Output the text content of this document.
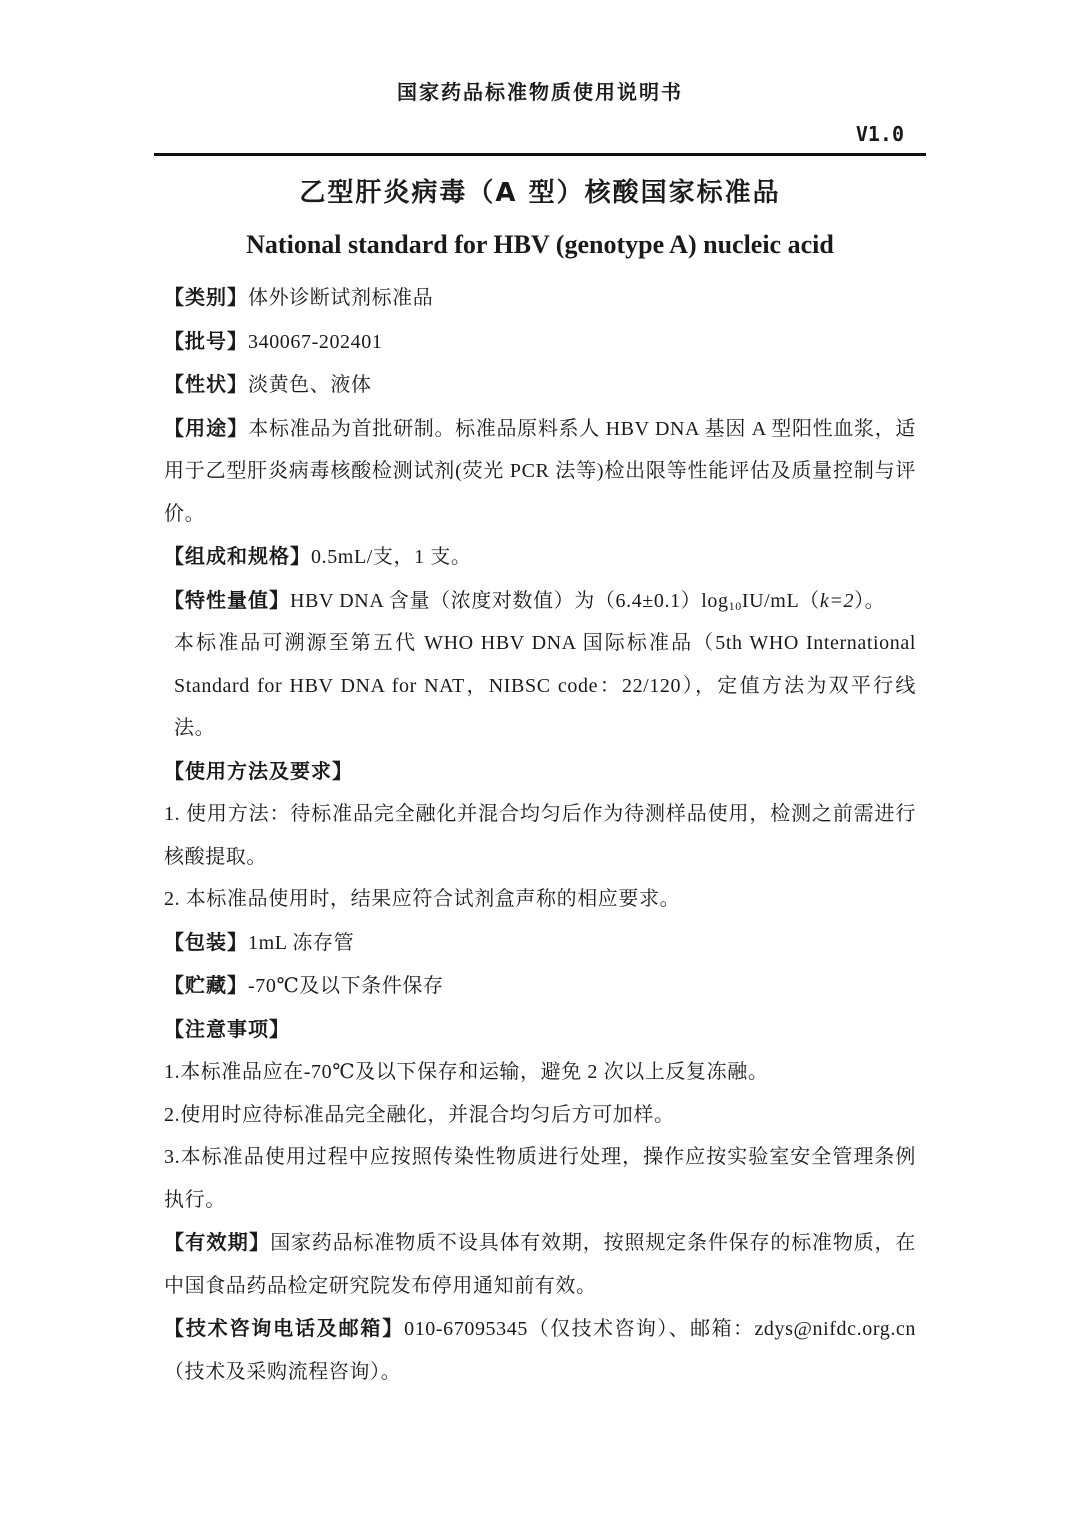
国家药品标准物质使用说明书
V1.0
乙型肝炎病毒（A 型）核酸国家标准品
National standard for HBV (genotype A) nucleic acid

【类别】体外诊断试剂标准品

【批号】340067-202401

【性状】淡黄色、液体

【用途】本标准品为首批研制。标准品原料系人 HBV DNA 基因 A 型阳性血浆，适用于乙型肝炎病毒核酸检测试剂(荧光 PCR 法等)检出限等性能评估及质量控制与评价。

【组成和规格】0.5mL/支，1 支。

【特性量值】HBV DNA 含量（浓度对数值）为$(6.4\pm 0.1)\log_{10}IU/mL(k=2)$。

本标准品可溯源至第五代 WHO HBV DNA 国际标准品（5th WHO International Standard for HBV DNA for NAT，NIBSC code：22/120），定值方法为双平行线法。

【使用方法及要求】

1. 使用方法：待标准品完全融化并混合均匀后作为待测样品使用，检测之前需进行核酸提取。

2. 本标准品使用时，结果应符合试剂盒声称的相应要求。

【包装】1mL 冻存管

【贮藏】-70℃及以下条件保存

【注意事项】

1.本标准品应在-70℃及以下保存和运输，避免 2 次以上反复冻融。

2.使用时应待标准品完全融化，并混合均匀后方可加样。

3.本标准品使用过程中应按照传染性物质进行处理，操作应按实验室安全管理条例执行。

【有效期】国家药品标准物质不设具体有效期，按照规定条件保存的标准物质，在中国食品药品检定研究院发布停用通知前有效。

【技术咨询电话及邮箱】010-67095345（仅技术咨询）、邮箱：zdys@nifdc.org.cn（技术及采购流程咨询）。
